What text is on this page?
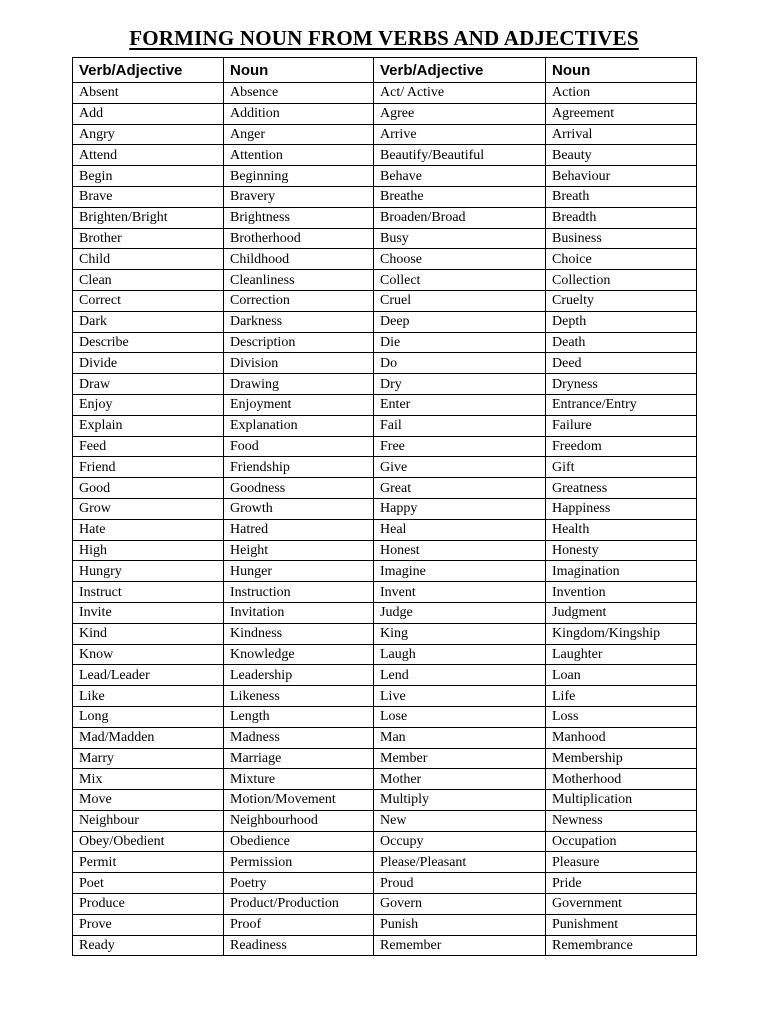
FORMING NOUN FROM VERBS AND ADJECTIVES
Verb/Adjective	Noun	Verb/Adjective	Noun
Absent	Absence	Act/ Active	Action
Add	Addition	Agree	Agreement
Angry	Anger	Arrive	Arrival
Attend	Attention	Beautify/Beautiful	Beauty
Begin	Beginning	Behave	Behaviour
Brave	Bravery	Breathe	Breath
Brighten/Bright	Brightness	Broaden/Broad	Breadth
Brother	Brotherhood	Busy	Business
Child	Childhood	Choose	Choice
Clean	Cleanliness	Collect	Collection
Correct	Correction	Cruel	Cruelty
Dark	Darkness	Deep	Depth
Describe	Description	Die	Death
Divide	Division	Do	Deed
Draw	Drawing	Dry	Dryness
Enjoy	Enjoyment	Enter	Entrance/Entry
Explain	Explanation	Fail	Failure
Feed	Food	Free	Freedom
Friend	Friendship	Give	Gift
Good	Goodness	Great	Greatness
Grow	Growth	Happy	Happiness
Hate	Hatred	Heal	Health
High	Height	Honest	Honesty
Hungry	Hunger	Imagine	Imagination
Instruct	Instruction	Invent	Invention
Invite	Invitation	Judge	Judgment
Kind	Kindness	King	Kingdom/Kingship
Know	Knowledge	Laugh	Laughter
Lead/Leader	Leadership	Lend	Loan
Like	Likeness	Live	Life
Long	Length	Lose	Loss
Mad/Madden	Madness	Man	Manhood
Marry	Marriage	Member	Membership
Mix	Mixture	Mother	Motherhood
Move	Motion/Movement	Multiply	Multiplication
Neighbour	Neighbourhood	New	Newness
Obey/Obedient	Obedience	Occupy	Occupation
Permit	Permission	Please/Pleasant	Pleasure
Poet	Poetry	Proud	Pride
Produce	Product/Production	Govern	Government
Prove	Proof	Punish	Punishment
Ready	Readiness	Remember	Remembrance
